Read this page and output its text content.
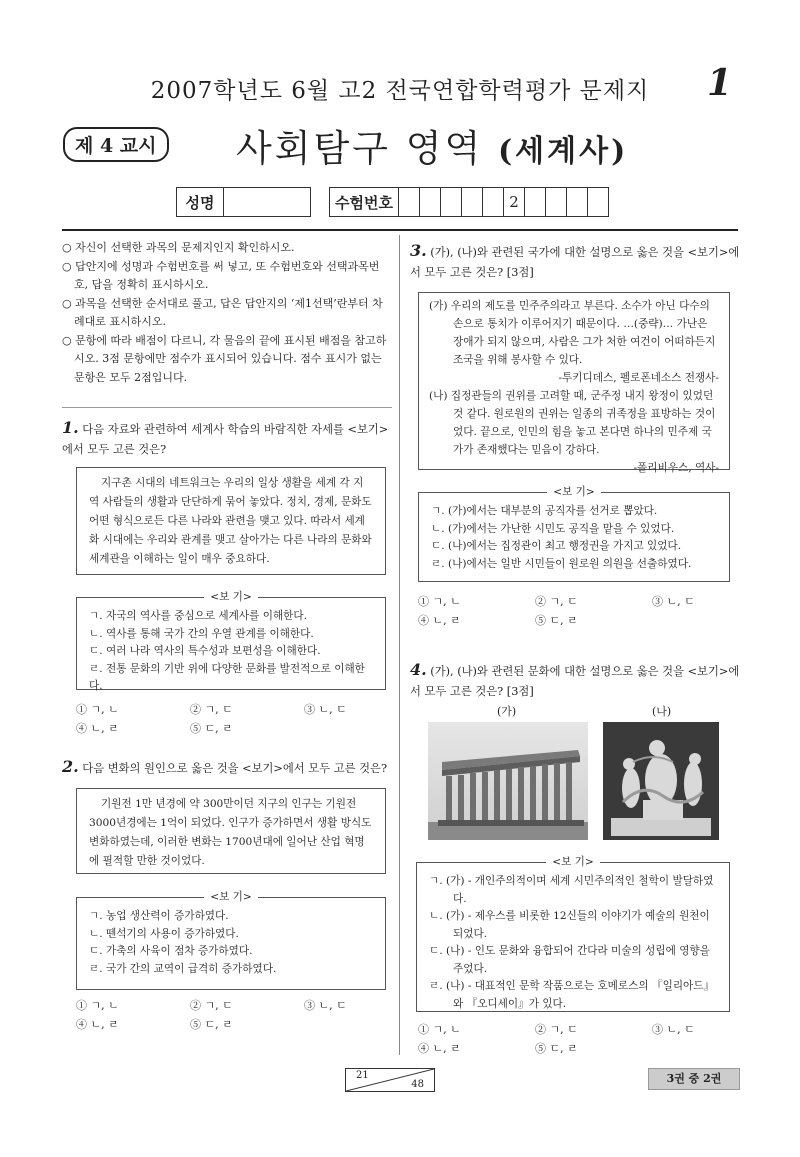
2007학년도 6월 고2 전국연합학력평가 문제지	1
제 4 교시	사회탐구 영역 (세계사)
성명			수험번호						2				

○ 자신이 선택한 과목의 문제지인지 확인하시오.

○ 답안지에 성명과 수험번호를 써 넣고, 또 수험번호와 선택과목번호, 답을 정확히 표시하시오.

○ 과목을 선택한 순서대로 풀고, 답은 답안지의 ‘제1선택’란부터 차례대로 표시하시오.

○ 문항에 따라 배점이 다르니, 각 물음의 끝에 표시된 배점을 참고하시오. 3점 문항에만 점수가 표시되어 있습니다. 점수 표시가 없는 문항은 모두 2점입니다.

1. 다음 자료와 관련하여 세계사 학습의 바람직한 자세를 <보기>에서 모두 고른 것은?

지구촌 시대의 네트워크는 우리의 일상 생활을 세계 각 지역 사람들의 생활과 단단하게 묶어 놓았다. 정치, 경제, 문화도 어떤 형식으로든 다른 나라와 관련을 맺고 있다. 따라서 세계화 시대에는 우리와 관계를 맺고 살아가는 다른 나라의 문화와 세계관을 이해하는 일이 매우 중요하다.

<보 기>

ㄱ. 자국의 역사를 중심으로 세계사를 이해한다.

ㄴ. 역사를 통해 국가 간의 우열 관계를 이해한다.

ㄷ. 여러 나라 역사의 특수성과 보편성을 이해한다.

ㄹ. 전통 문화의 기반 위에 다양한 문화를 발전적으로 이해한다.

① ㄱ, ㄴ	② ㄱ, ㄷ	③ ㄴ, ㄷ
④ ㄴ, ㄹ	⑤ ㄷ, ㄹ
2. 다음 변화의 원인으로 옳은 것을 <보기>에서 모두 고른 것은?

기원전 1만 년경에 약 300만이던 지구의 인구는 기원전 3000년경에는 1억이 되었다. 인구가 증가하면서 생활 방식도 변화하였는데, 이러한 변화는 1700년대에 일어난 산업 혁명에 필적할 만한 것이었다.

<보 기>

ㄱ. 농업 생산력이 증가하였다.

ㄴ. 뗀석기의 사용이 증가하였다.

ㄷ. 가축의 사육이 점차 증가하였다.

ㄹ. 국가 간의 교역이 급격히 증가하였다.

① ㄱ, ㄴ	② ㄱ, ㄷ	③ ㄴ, ㄷ
④ ㄴ, ㄹ	⑤ ㄷ, ㄹ
3. (가), (나)와 관련된 국가에 대한 설명으로 옳은 것을 <보기>에서 모두 고른 것은? [3점]

(가) 우리의 제도를 민주주의라고 부른다. 소수가 아닌 다수의 손으로 통치가 이루어지기 때문이다. …(중략)… 가난은 장애가 되지 않으며, 사람은 그가 처한 여건이 어떠하든지 조국을 위해 봉사할 수 있다.

-투키디데스, 펠로폰네소스 전쟁사-

(나) 집정관들의 권위를 고려할 때, 군주정 내지 왕정이 있었던 것 같다. 원로원의 권위는 일종의 귀족정을 표방하는 것이었다. 끝으로, 인민의 힘을 놓고 본다면 하나의 민주제 국가가 존재했다는 믿음이 강하다.

-폴리비우스, 역사-

<보 기>

ㄱ. (가)에서는 대부분의 공직자를 선거로 뽑았다.

ㄴ. (가)에서는 가난한 시민도 공직을 맡을 수 있었다.

ㄷ. (나)에서는 집정관이 최고 행정권을 가지고 있었다.

ㄹ. (나)에서는 일반 시민들이 원로원 의원을 선출하였다.

① ㄱ, ㄴ	② ㄱ, ㄷ	③ ㄴ, ㄷ
④ ㄴ, ㄹ	⑤ ㄷ, ㄹ
4. (가), (나)와 관련된 문화에 대한 설명으로 옳은 것을 <보기>에서 모두 고른 것은? [3점]
(가)	(나)
<보 기>

ㄱ. (가) - 개인주의적이며 세계 시민주의적인 철학이 발달하였다.

ㄴ. (가) - 제우스를 비롯한 12신들의 이야기가 예술의 원천이 되었다.

ㄷ. (나) - 인도 문화와 융합되어 간다라 미술의 성립에 영향을 주었다.

ㄹ. (나) - 대표적인 문학 작품으로는 호메로스의 『일리아드』와 『오디세이』가 있다.

① ㄱ, ㄴ	② ㄱ, ㄷ	③ ㄴ, ㄷ
④ ㄴ, ㄹ	⑤ ㄷ, ㄹ
21
48	3권 중 2권
